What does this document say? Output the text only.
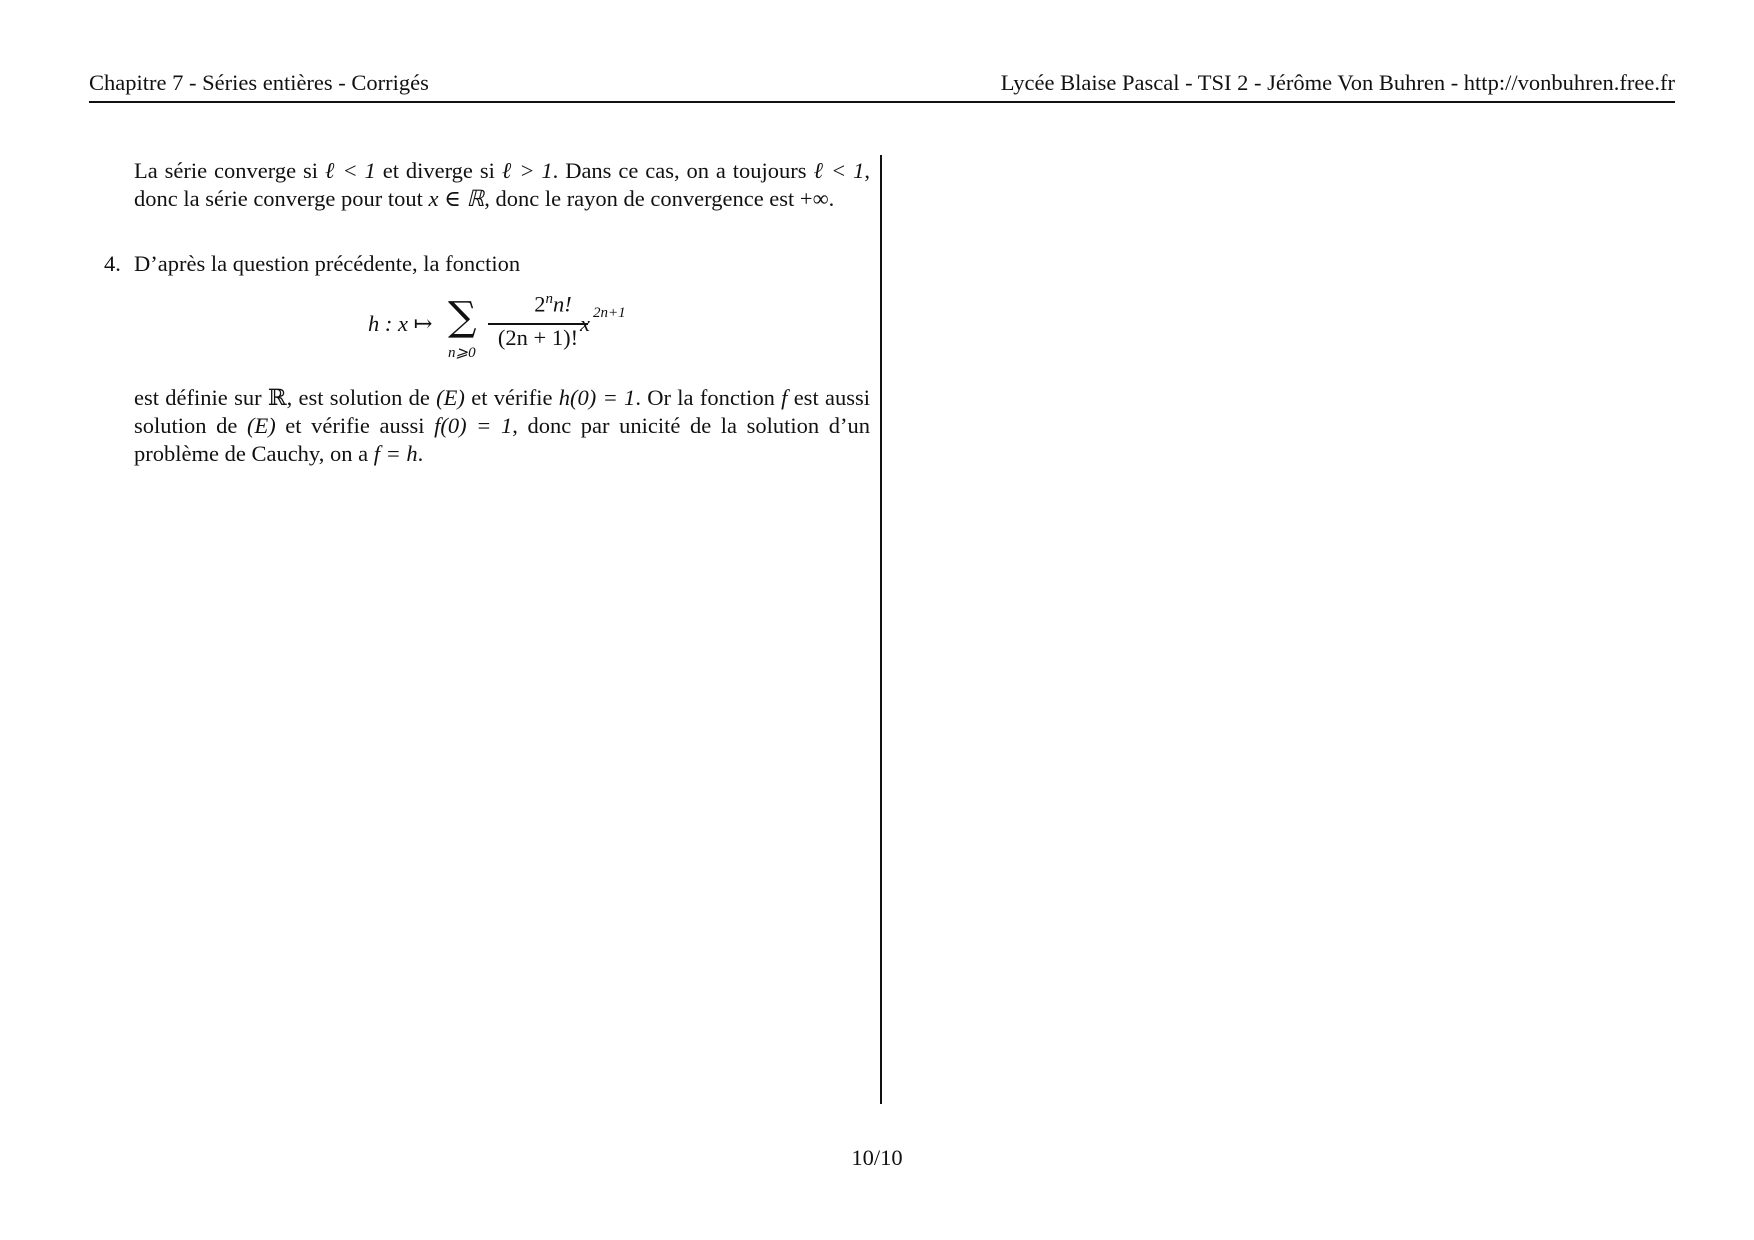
Chapitre 7 - Séries entières - Corrigés	Lycée Blaise Pascal - TSI 2 - Jérôme Von Buhren - http://vonbuhren.free.fr
La série converge si ℓ < 1 et diverge si ℓ > 1. Dans ce cas, on a toujours ℓ < 1, donc la série converge pour tout x ∈ ℝ, donc le rayon de convergence est +∞.
4. D’après la question précédente, la fonction
h : x ↦ ∑
n⩾0
2$^n$n!
(2n + 1)!
x 2n+1
est définie sur ℝ, est solution de (E) et vérifie h(0) = 1. Or la fonction f est aussi solution de (E) et vérifie aussi f(0) = 1, donc par unicité de la solution d’un problème de Cauchy, on a f = h.
10/10
